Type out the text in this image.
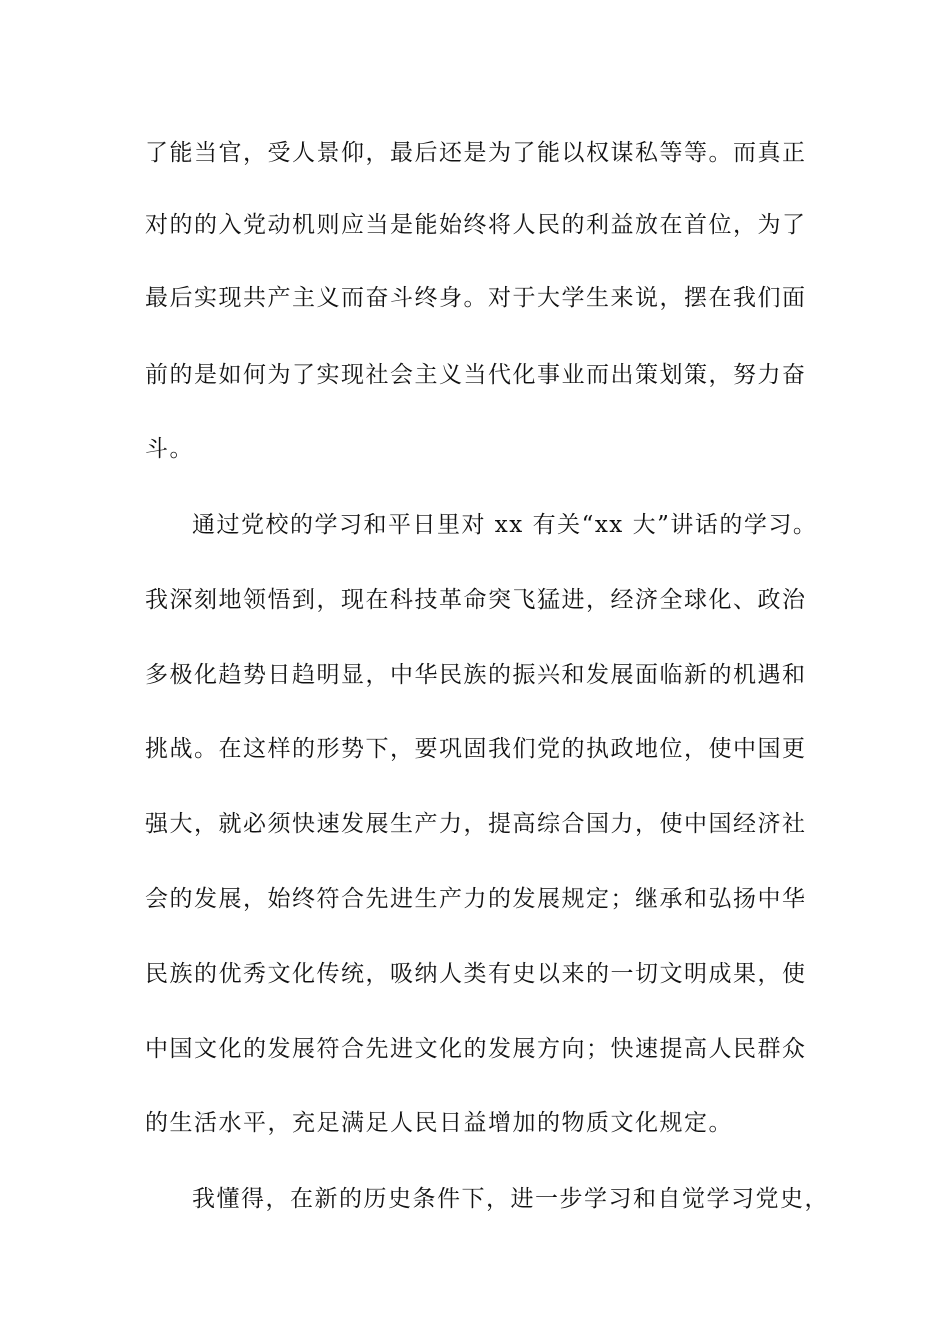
了能当官，受人景仰，最后还是为了能以权谋私等等。而真正
对的的入党动机则应当是能始终将人民的利益放在首位，为了
最后实现共产主义而奋斗终身。对于大学生来说，摆在我们面
前的是如何为了实现社会主义当代化事业而出策划策，努力奋
斗。
通过党校的学习和平日里对 xx 有关“xx 大”讲话的学习。
我深刻地领悟到，现在科技革命突飞猛进，经济全球化、政治
多极化趋势日趋明显，中华民族的振兴和发展面临新的机遇和
挑战。在这样的形势下，要巩固我们党的执政地位，使中国更
强大，就必须快速发展生产力，提高综合国力，使中国经济社
会的发展，始终符合先进生产力的发展规定；继承和弘扬中华
民族的优秀文化传统，吸纳人类有史以来的一切文明成果，使
中国文化的发展符合先进文化的发展方向；快速提高人民群众
的生活水平，充足满足人民日益增加的物质文化规定。
我懂得，在新的历史条件下，进一步学习和自觉学习党史，
